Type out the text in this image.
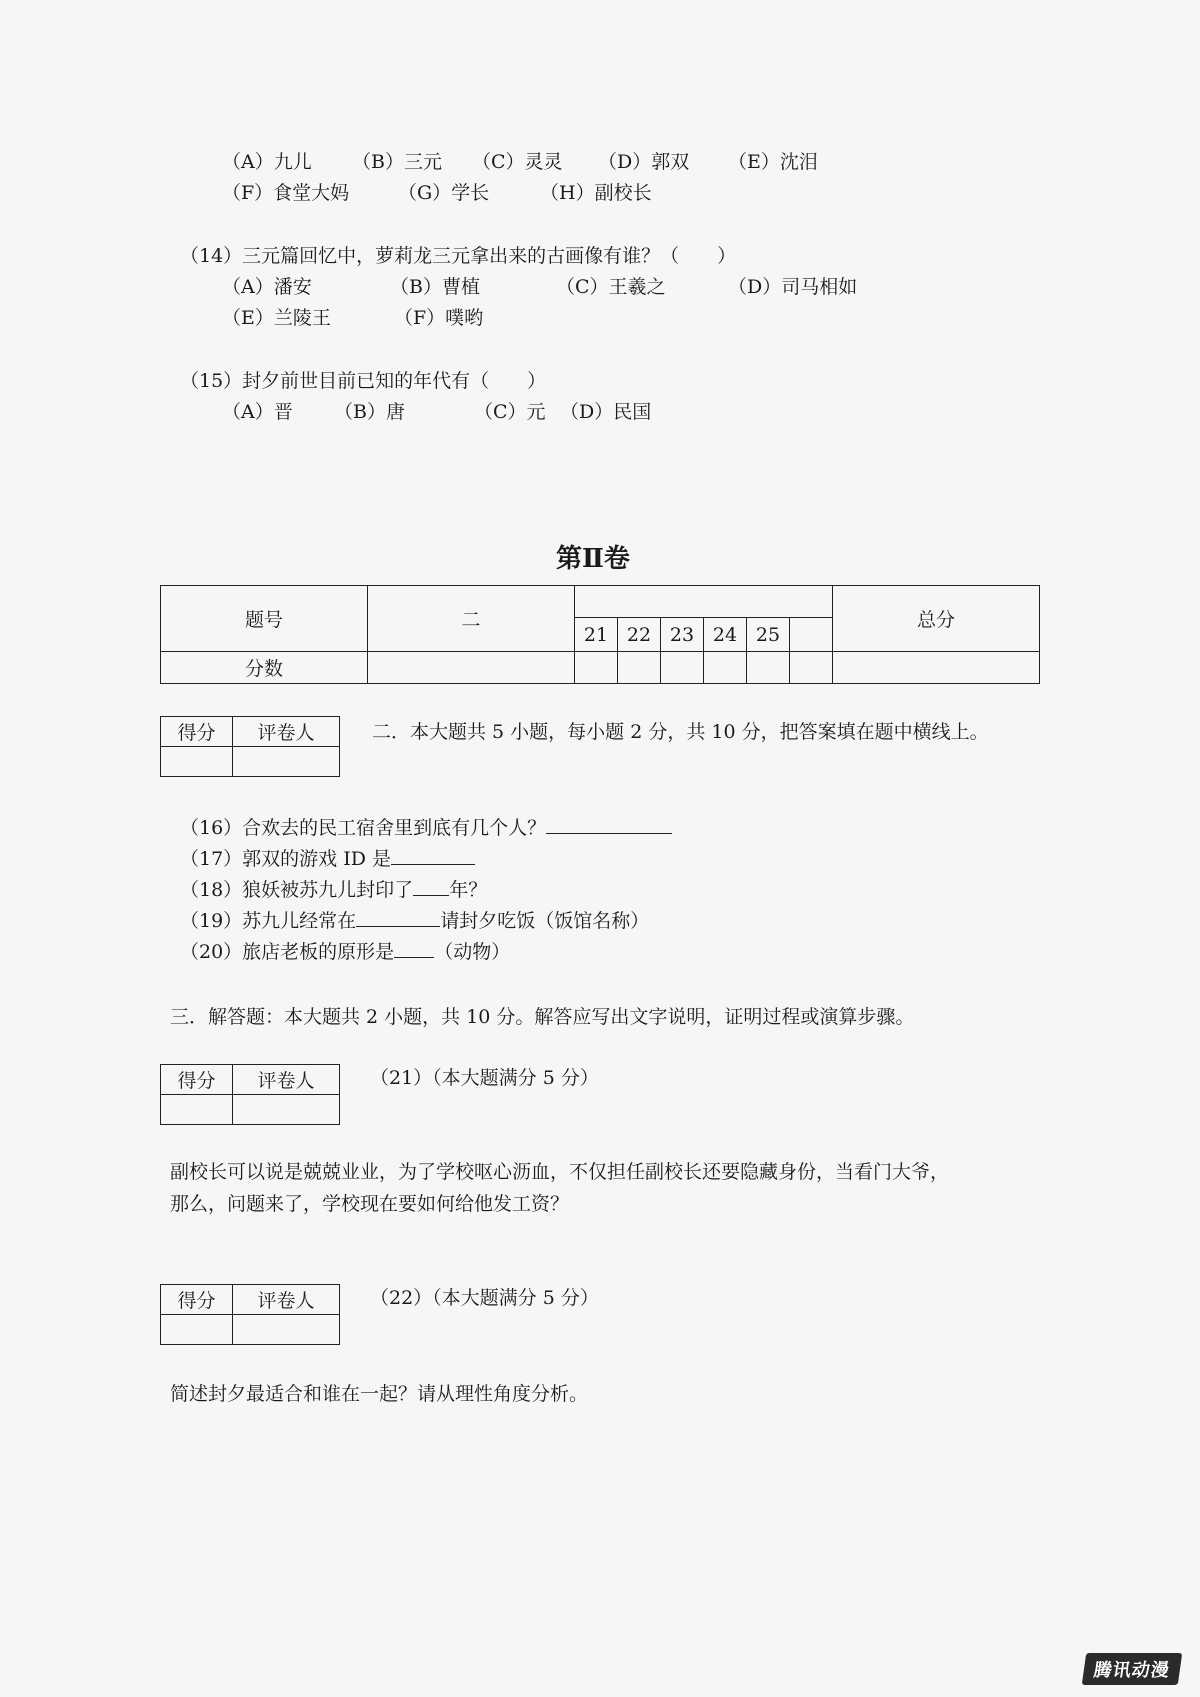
（A）九儿 （B）三元 （C）灵灵 （D）郭双 （E）沈泪
（F）食堂大妈	（G）学长	（H）副校长
（14）三元篇回忆中，萝莉龙三元拿出来的古画像有谁？（　　）
（A）潘安	（B）曹植	（C）王羲之	（D）司马相如
（E）兰陵王	（F）噗哟
（15）封夕前世目前已知的年代有（　　）
（A）晋 （B）唐	（C）元 （D）民国
第Ⅱ卷
题号	二							总分
		21	22	23	24	25		
分数								
得分	评卷人
		二．本大题共 5 小题，每小题 2 分，共 10 分，把答案填在题中横线上。
（16）合欢去的民工宿舍里到底有几个人？
（17）郭双的游戏 ID 是
（18）狼妖被苏九儿封印了 年？
（19）苏九儿经常在	请封夕吃饭（饭馆名称）
（20）旅店老板的原形是 （动物）
三．解答题：本大题共 2 小题，共 10 分。解答应写出文字说明，证明过程或演算步骤。
得分	评卷人
		（21）（本大题满分 5 分）
副校长可以说是兢兢业业，为了学校呕心沥血，不仅担任副校长还要隐藏身份，当看门大爷，
那么，问题来了，学校现在要如何给他发工资？
得分	评卷人
		（22）（本大题满分 5 分）
简述封夕最适合和谁在一起？请从理性角度分析。
腾讯动漫
